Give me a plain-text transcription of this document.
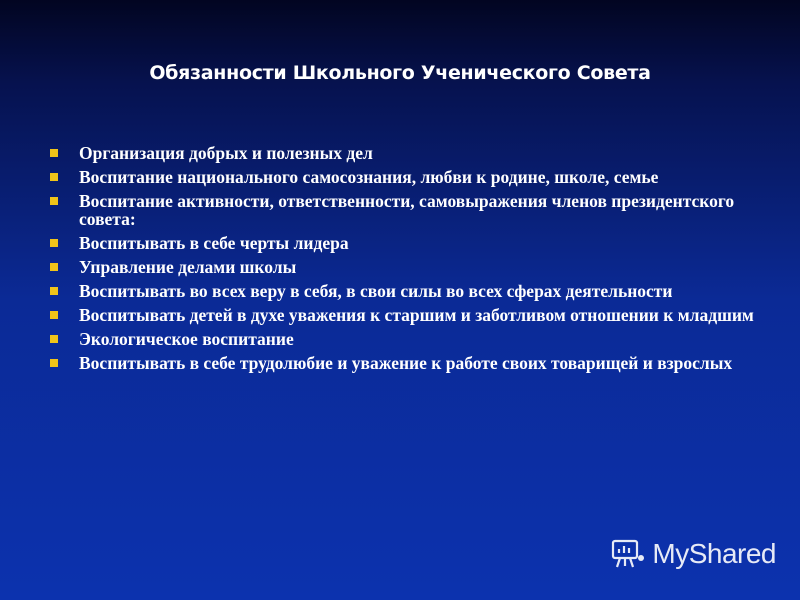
Обязанности Школьного Ученического Совета
Организация добрых и полезных дел
Воспитание национального самосознания, любви к родине, школе, семье
Воспитание активности, ответственности, самовыражения членов президентского совета:
Воспитывать в себе черты лидера
Управление делами школы
Воспитывать во всех веру в себя, в свои силы во всех сферах деятельности
Воспитывать детей в духе уважения к старшим и заботливом отношении к младшим
Экологическое воспитание
Воспитывать в себе трудолюбие и уважение к работе своих товарищей и взрослых
MyShared
